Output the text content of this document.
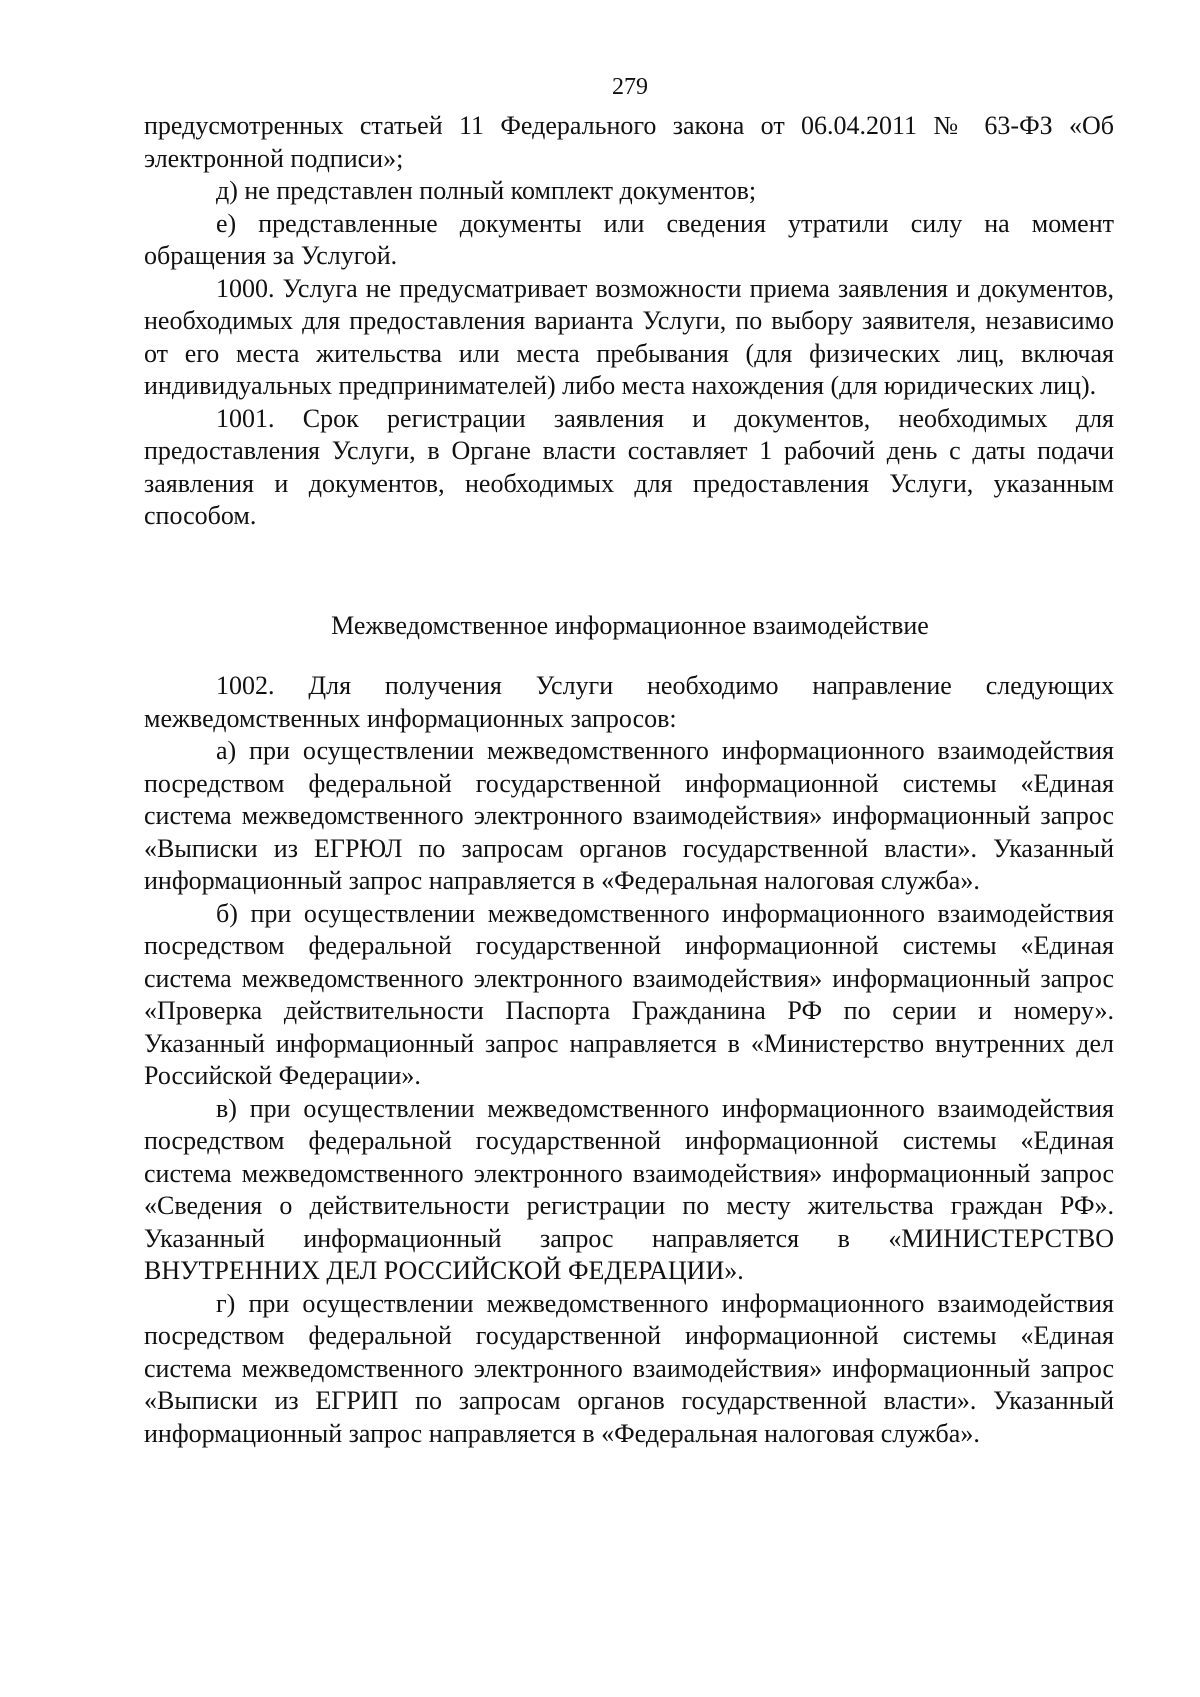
279

предусмотренных статьей 11 Федерального закона от 06.04.2011 № 63-ФЗ «Об электронной подписи»;

д) не представлен полный комплект документов;

е) представленные документы или сведения утратили силу на момент обращения за Услугой.

1000. Услуга не предусматривает возможности приема заявления и документов, необходимых для предоставления варианта Услуги, по выбору заявителя, независимо от его места жительства или места пребывания (для физических лиц, включая индивидуальных предпринимателей) либо места нахождения (для юридических лиц).

1001. Срок регистрации заявления и документов, необходимых для предоставления Услуги, в Органе власти составляет 1 рабочий день с даты подачи заявления и документов, необходимых для предоставления Услуги, указанным способом.

Межведомственное информационное взаимодействие

1002. Для получения Услуги необходимо направление следующих межведомственных информационных запросов:

а) при осуществлении межведомственного информационного взаимодействия посредством федеральной государственной информационной системы «Единая система межведомственного электронного взаимодействия» информационный запрос «Выписки из ЕГРЮЛ по запросам органов государственной власти». Указанный информационный запрос направляется в «Федеральная налоговая служба».

б) при осуществлении межведомственного информационного взаимодействия посредством федеральной государственной информационной системы «Единая система межведомственного электронного взаимодействия» информационный запрос «Проверка действительности Паспорта Гражданина РФ по серии и номеру». Указанный информационный запрос направляется в «Министерство внутренних дел Российской Федерации».

в) при осуществлении межведомственного информационного взаимодействия посредством федеральной государственной информационной системы «Единая система межведомственного электронного взаимодействия» информационный запрос «Сведения о действительности регистрации по месту жительства граждан РФ». Указанный информационный запрос направляется в «МИНИСТЕРСТВО ВНУТРЕННИХ ДЕЛ РОССИЙСКОЙ ФЕДЕРАЦИИ».

г) при осуществлении межведомственного информационного взаимодействия посредством федеральной государственной информационной системы «Единая система межведомственного электронного взаимодействия» информационный запрос «Выписки из ЕГРИП по запросам органов государственной власти». Указанный информационный запрос направляется в «Федеральная налоговая служба».
